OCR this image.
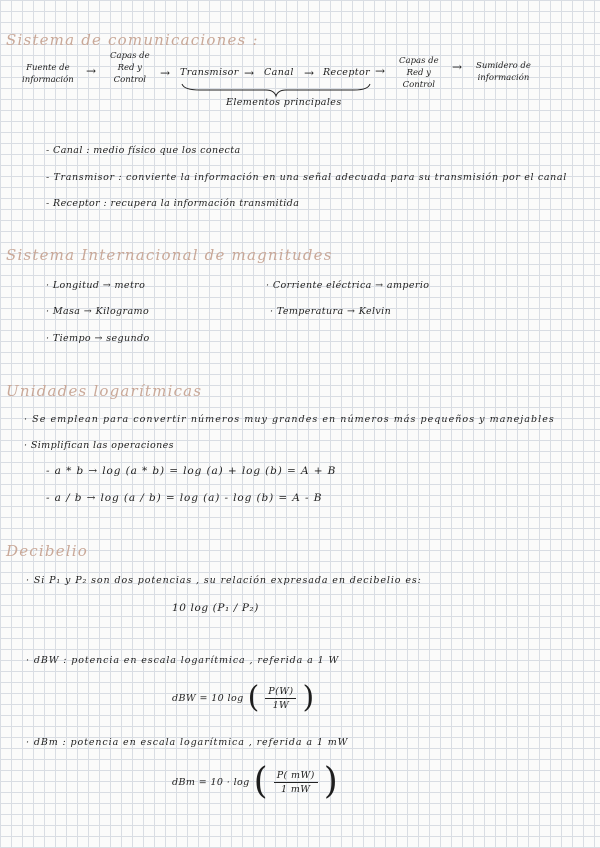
Sistema de comunicaciones :
Fuente de
información
→
Capas de
Red y
Control	→ Transmisor → Canal → Receptor →
Capas de
Red y
Control
→ Sumidero de
información
Elementos principales
- Canal : medio físico que los conecta
- Transmisor : convierte la información en una señal adecuada para su transmisión por el canal
- Receptor : recupera la información transmitida
Sistema Internacional de magnitudes
· Longitud → metro
· Masa → Kilogramo
· Tiempo → segundo
· Corriente eléctrica → amperio
· Temperatura → Kelvin
Unidades logarítmicas
· Se emplean para convertir números muy grandes en números más pequeños y manejables
· Simplifican las operaciones
- a * b → log (a * b) = log (a) + log (b) = A + B
- a / b → log (a / b) = log (a) - log (b) = A - B
Decibelio
· Si P₁ y P₂ son dos potencias , su relación expresada en decibelio es:
10 log (P₁ / P₂)
· dBW : potencia en escala logarítmica , referida a 1 W
dBW = 10 log ( $\frac{P(W)}{1W}$ )
· dBm : potencia en escala logarítmica , referida a 1 mW
dBm = 10 · log ( $\frac{P( mW)}{1 mW}$ )
